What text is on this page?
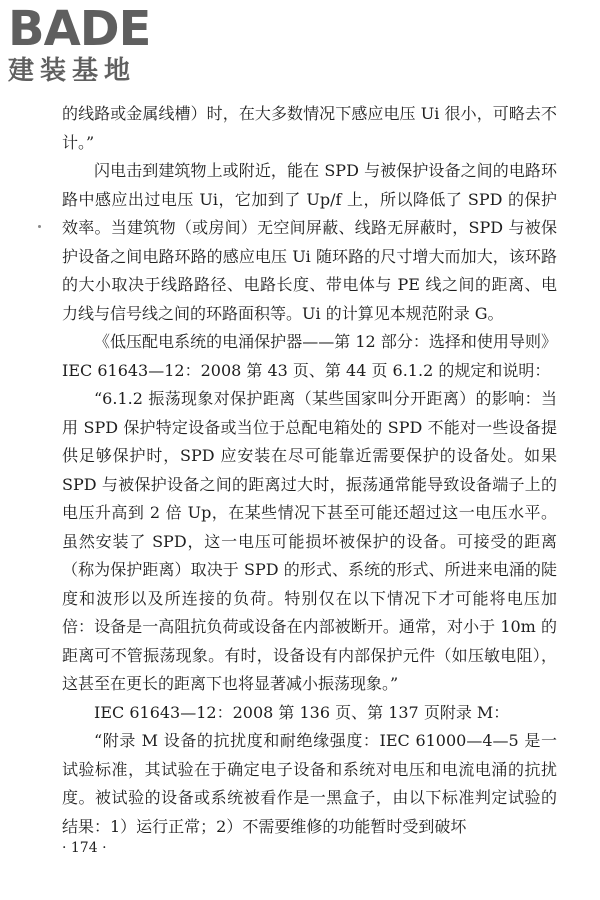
BADE
建装基地

的线路或金属线槽）时，在大多数情况下感应电压 Ui 很小，可略去不计。”

闪电击到建筑物上或附近，能在 SPD 与被保护设备之间的电路环路中感应出过电压 Ui，它加到了 Up/f 上，所以降低了 SPD 的保护效率。当建筑物（或房间）无空间屏蔽、线路无屏蔽时，SPD 与被保护设备之间电路环路的感应电压 Ui 随环路的尺寸增大而加大，该环路的大小取决于线路路径、电路长度、带电体与 PE 线之间的距离、电力线与信号线之间的环路面积等。Ui 的计算见本规范附录 G。

《低压配电系统的电涌保护器——第 12 部分：选择和使用导则》IEC 61643—12：2008 第 43 页、第 44 页 6.1.2 的规定和说明：

“6.1.2 振荡现象对保护距离（某些国家叫分开距离）的影响：当用 SPD 保护特定设备或当位于总配电箱处的 SPD 不能对一些设备提供足够保护时，SPD 应安装在尽可能靠近需要保护的设备处。如果 SPD 与被保护设备之间的距离过大时，振荡通常能导致设备端子上的电压升高到 2 倍 Up，在某些情况下甚至可能还超过这一电压水平。虽然安装了 SPD，这一电压可能损坏被保护的设备。可接受的距离（称为保护距离）取决于 SPD 的形式、系统的形式、所进来电涌的陡度和波形以及所连接的负荷。特别仅在以下情况下才可能将电压加倍：设备是一高阻抗负荷或设备在内部被断开。通常，对小于 10m 的距离可不管振荡现象。有时，设备设有内部保护元件（如压敏电阻），这甚至在更长的距离下也将显著减小振荡现象。”

IEC 61643—12：2008 第 136 页、第 137 页附录 M：

“附录 M 设备的抗扰度和耐绝缘强度：IEC 61000—4—5 是一试验标准，其试验在于确定电子设备和系统对电压和电流电涌的抗扰度。被试验的设备或系统被看作是一黑盒子，由以下标准判定试验的结果：1）运行正常；2）不需要维修的功能暂时受到破坏

· 174 ·
